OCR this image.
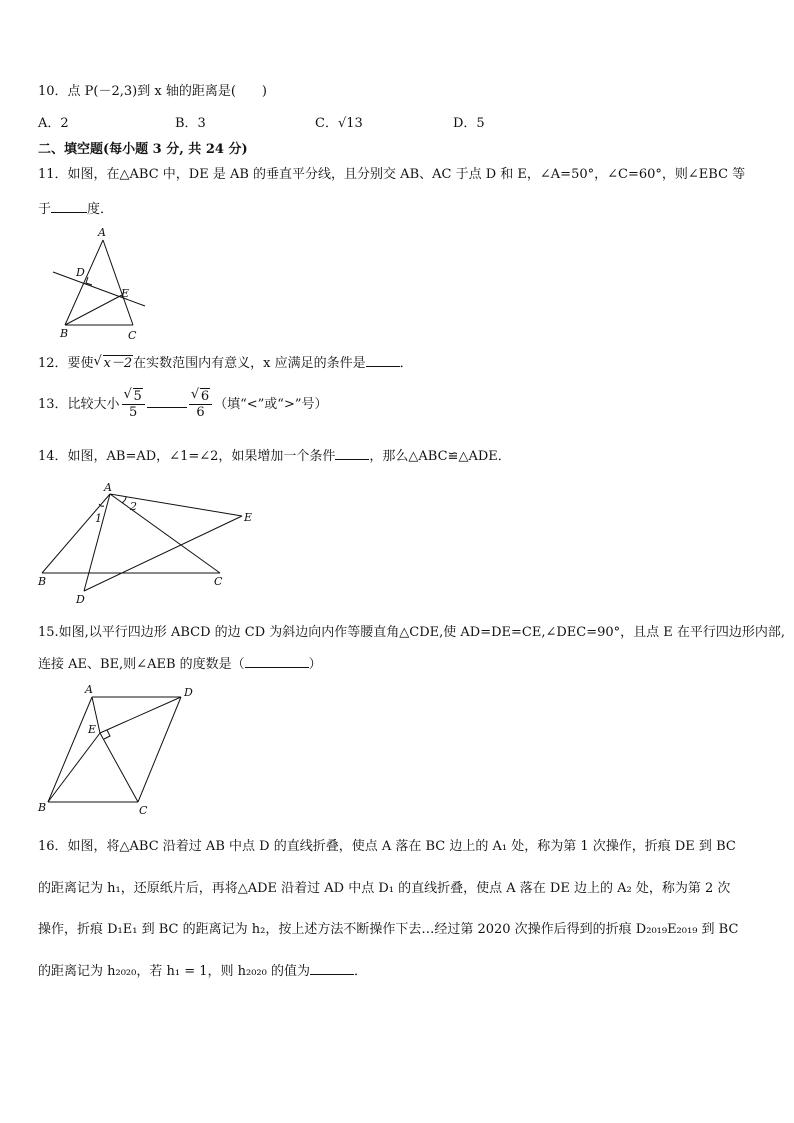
10．点 P(－2,3)到 x 轴的距离是(　　)
A．2	B．3	C．√13	D．5
二、填空题(每小题 3 分, 共 24 分)
11．如图，在△ABC 中，DE 是 AB 的垂直平分线，且分别交 AB、AC 于点 D 和 E，∠A=50°，∠C=60°，则∠EBC 等
于	度．
A
B	C
D
E
12．要使 √ x－2在实数范围内有意义，x 应满足的条件是	．
13．比较大小 $\frac{√ 5}{5}$	$\frac{√ 6}{6}$ （填“<”或“>”号）
14．如图，AB=AD，∠1=∠2，如果增加一个条件	，那么△ABC≌△ADE．
A
B	C
D
E
1
2
15.如图,以平行四边形 ABCD 的边 CD 为斜边向内作等腰直角△CDE,使 AD=DE=CE,∠DEC=90°，且点 E 在平行四边形内部,
连接 AE、BE,则∠AEB 的度数是（	）
A	D
E
B	C
16．如图，将△ABC 沿着过 AB 中点 D 的直线折叠，使点 A 落在 BC 边上的 A₁ 处，称为第 1 次操作，折痕 DE 到 BC
的距离记为 h₁，还原纸片后，再将△ADE 沿着过 AD 中点 D₁ 的直线折叠，使点 A 落在 DE 边上的 A₂ 处，称为第 2 次
操作，折痕 D₁E₁ 到 BC 的距离记为 h₂，按上述方法不断操作下去…经过第 2020 次操作后得到的折痕 D₂₀₁₉E₂₀₁₉ 到 BC
的距离记为 h₂₀₂₀，若 h₁ = 1，则 h₂₀₂₀ 的值为	．
